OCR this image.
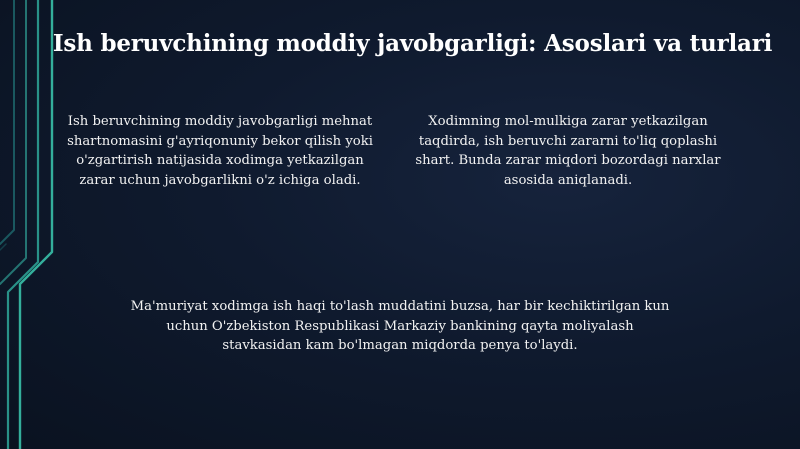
Ish beruvchining moddiy javobgarligi: Asoslari va turlari
Ish beruvchining moddiy javobgarligi mehnat shartnomasini g'ayriqonuniy bekor qilish yoki o'zgartirish natijasida xodimga yetkazilgan zarar uchun javobgarlikni o'z ichiga oladi.
Xodimning mol-mulkiga zarar yetkazilgan taqdirda, ish beruvchi zararni to'liq qoplashi shart. Bunda zarar miqdori bozordagi narxlar asosida aniqlanadi.
Ma'muriyat xodimga ish haqi to'lash muddatini buzsa, har bir kechiktirilgan kun uchun O'zbekiston Respublikasi Markaziy bankining qayta moliyalash stavkasidan kam bo'lmagan miqdorda penya to'laydi.
